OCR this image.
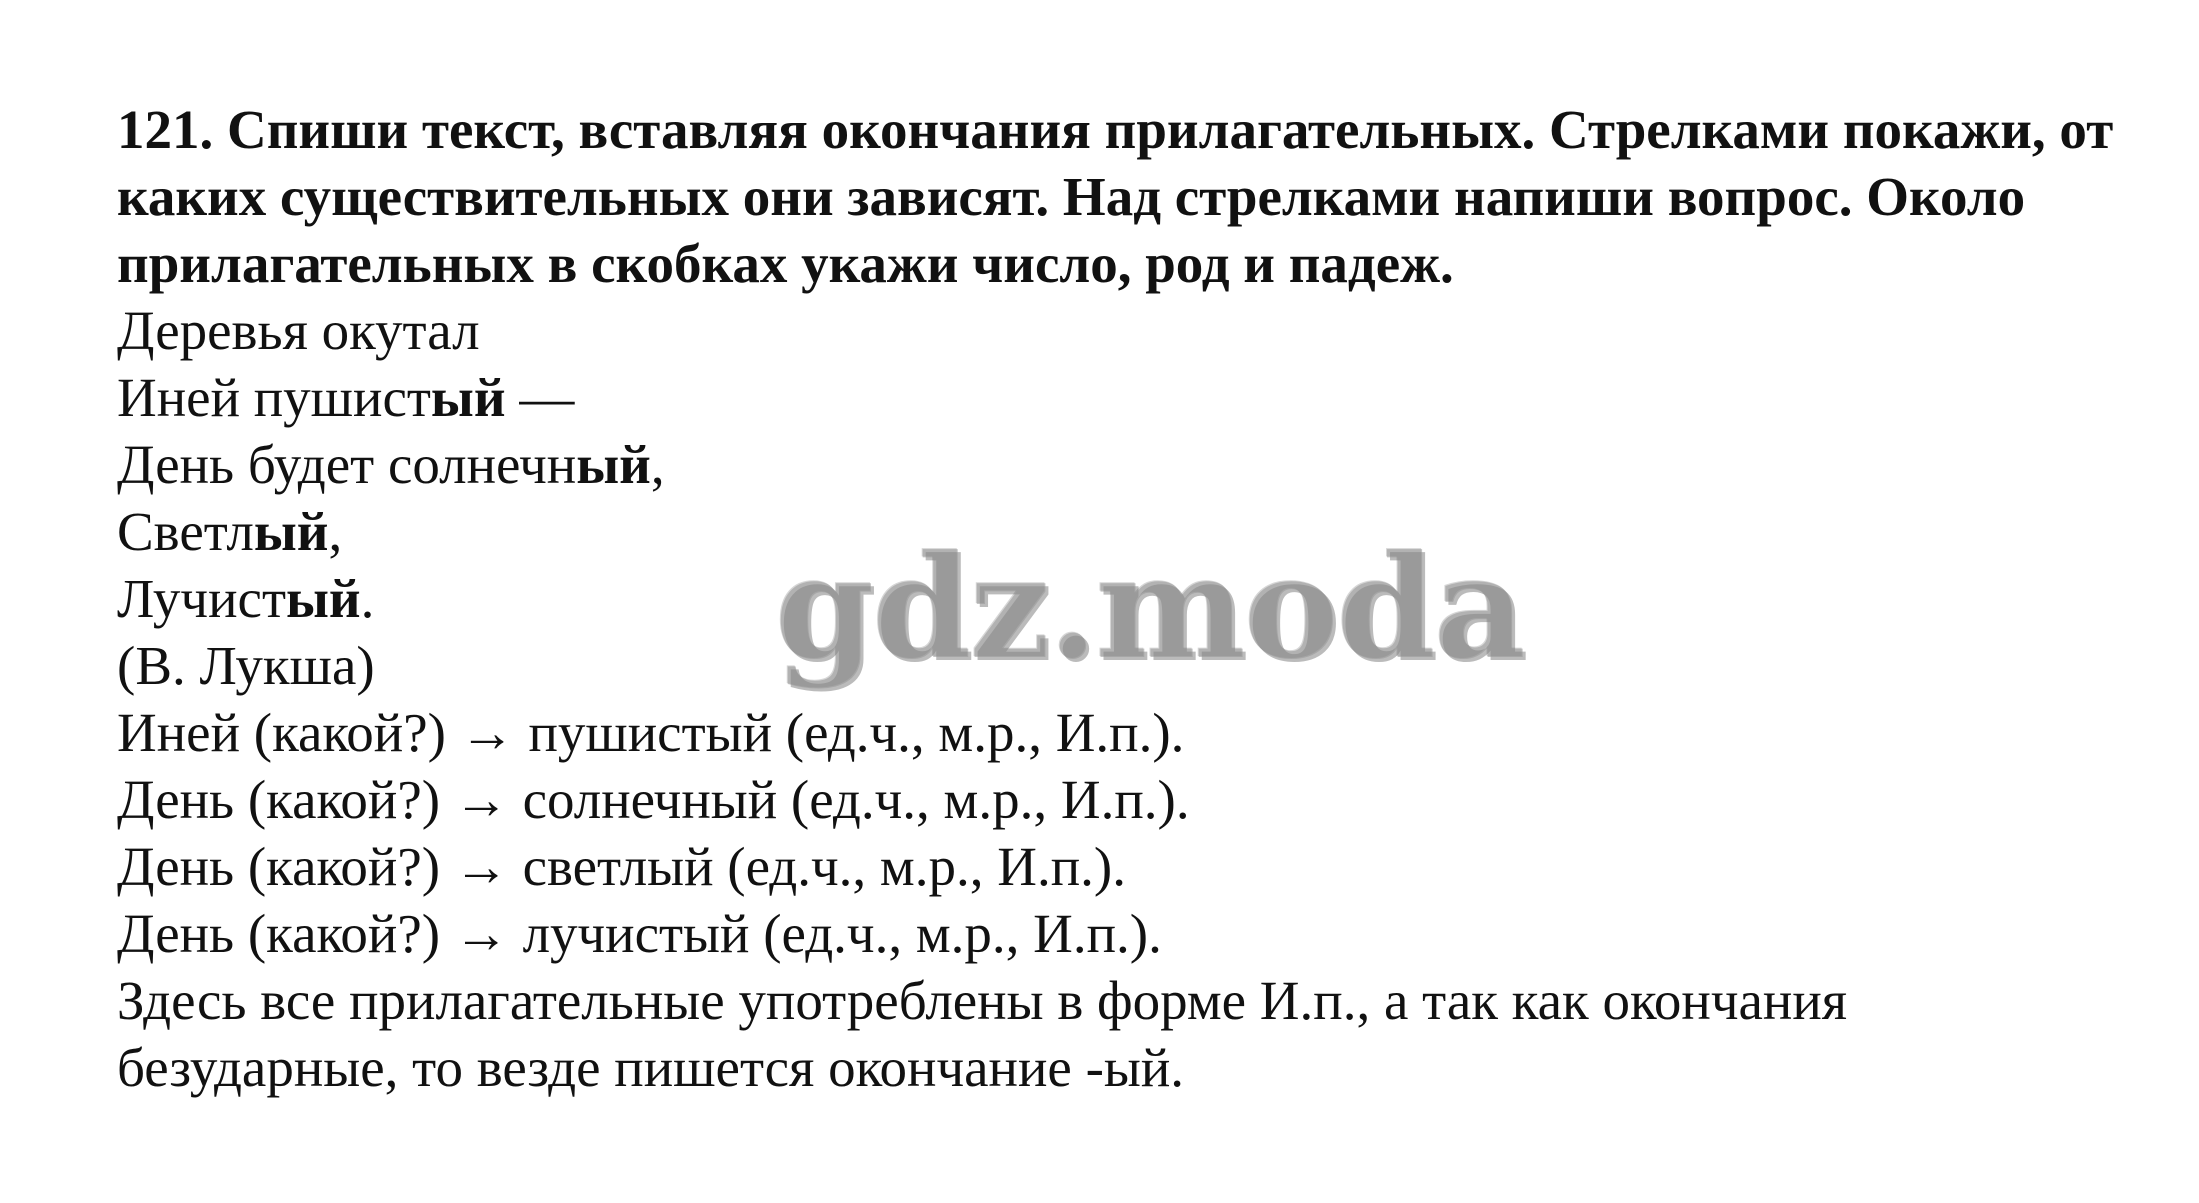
121. Спиши текст, вставляя окончания прилагательных. Стрелками покажи, от каких существительных они зависят. Над стрелками напиши вопрос. Около прилагательных в скобках укажи число, род и падеж.

Деревья окутал
Иней пушистый —
День будет солнечный,
Светлый,
Лучистый.
(В. Лукша)
Иней (какой?) → пушистый (ед.ч., м.р., И.п.).
День (какой?) → солнечный (ед.ч., м.р., И.п.).
День (какой?) → светлый (ед.ч., м.р., И.п.).
День (какой?) → лучистый (ед.ч., м.р., И.п.).
Здесь все прилагательные употреблены в форме И.п., а так как окончания
безударные, то везде пишется окончание -ый.
gdz.moda
